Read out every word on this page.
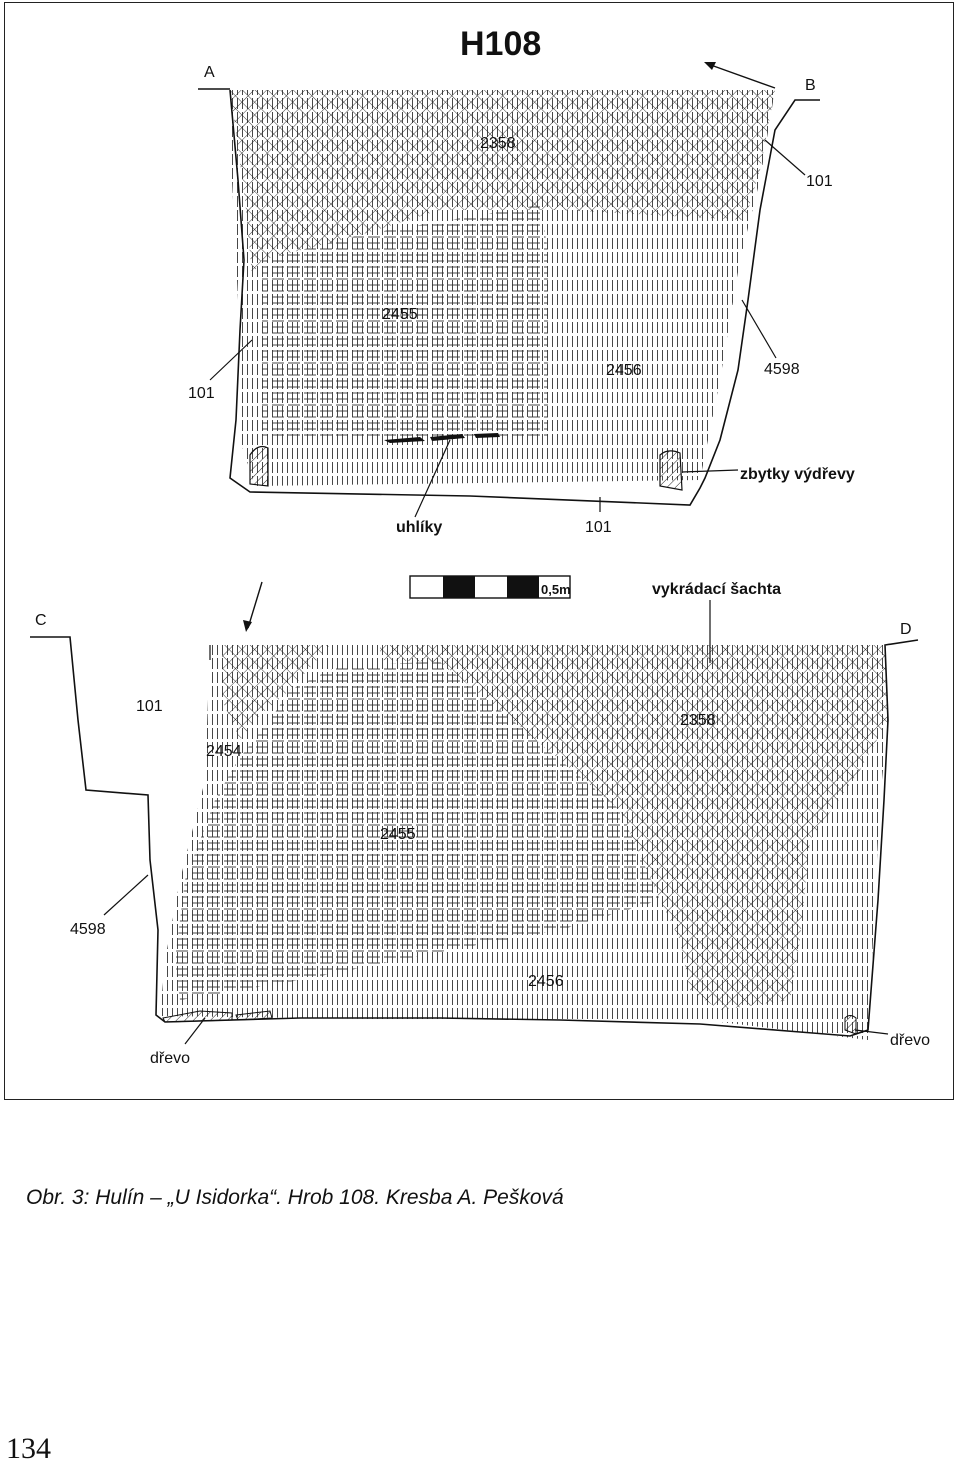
H108
A
B
2358
101
2455
2456	4598
101
zbytky výdřevy
uhlíky	101
0,5m
C
D
vykrádací šachta
101
2358
2454
2455
4598
2456
dřevo
dřevo
Obr. 3: Hulín – „U Isidorka“. Hrob 108. Kresba A. Pešková
134
